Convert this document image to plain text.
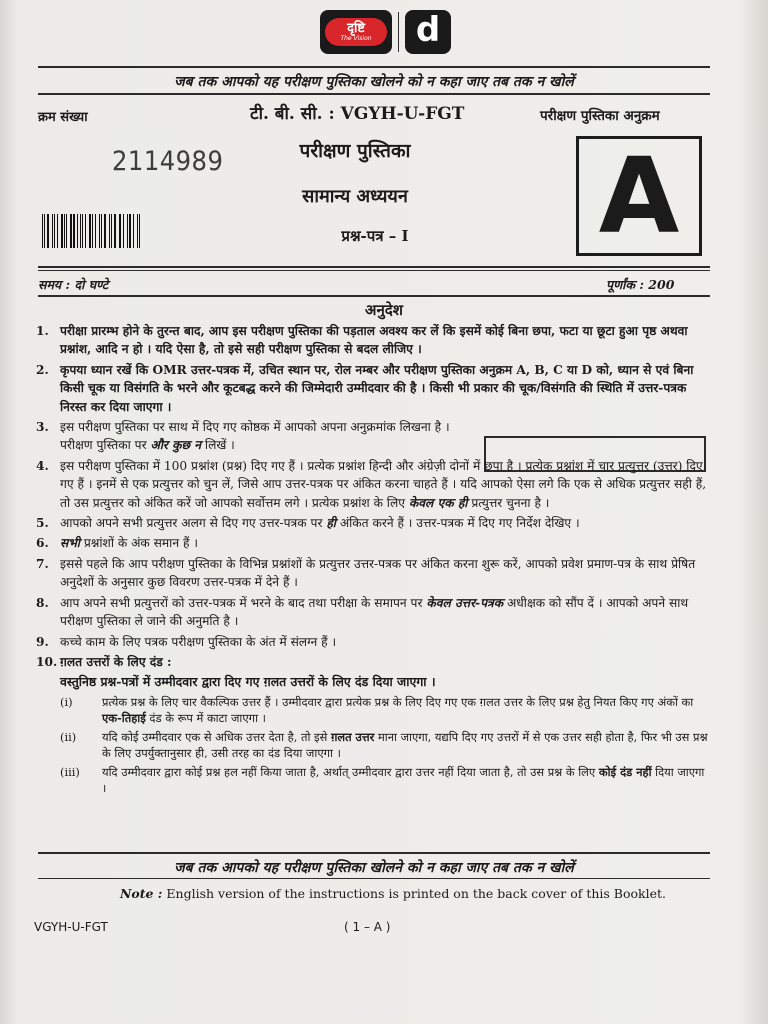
दृष्टि
The Vision d
जब तक आपको यह परीक्षण पुस्तिका खोलने को न कहा जाए तब तक न खोलें
क्रम संख्या	टी. बी. सी. : VGYH-U-FGT	परीक्षण पुस्तिका अनुक्रम
2114989	परीक्षण पुस्तिका
सामान्य अध्ययन
प्रश्न-पत्र – I	A
समय : दो घण्टे	पूर्णांक : 200
अनुदेश
1. परीक्षा प्रारम्भ होने के तुरन्त बाद, आप इस परीक्षण पुस्तिका की पड़ताल अवश्य कर लें कि इसमें कोई बिना छपा, फटा या छूटा हुआ पृष्ठ अथवा प्रश्नांश, आदि न हो । यदि ऐसा है, तो इसे सही परीक्षण पुस्तिका से बदल लीजिए ।
2. कृपया ध्यान रखें कि OMR उत्तर-पत्रक में, उचित स्थान पर, रोल नम्बर और परीक्षण पुस्तिका अनुक्रम A, B, C या D को, ध्यान से एवं बिना किसी चूक या विसंगति के भरने और कूटबद्ध करने की जिम्मेदारी उम्मीदवार की है । किसी भी प्रकार की चूक/विसंगति की स्थिति में उत्तर-पत्रक निरस्त कर दिया जाएगा ।
3. इस परीक्षण पुस्तिका पर साथ में दिए गए कोष्ठक में आपको अपना अनुक्रमांक लिखना है । परीक्षण पुस्तिका पर और कुछ न लिखें ।
4. इस परीक्षण पुस्तिका में 100 प्रश्नांश (प्रश्न) दिए गए हैं । प्रत्येक प्रश्नांश हिन्दी और अंग्रेज़ी दोनों में छपा है । प्रत्येक प्रश्नांश में चार प्रत्युत्तर (उत्तर) दिए गए हैं । इनमें से एक प्रत्युत्तर को चुन लें, जिसे आप उत्तर-पत्रक पर अंकित करना चाहते हैं । यदि आपको ऐसा लगे कि एक से अधिक प्रत्युत्तर सही हैं, तो उस प्रत्युत्तर को अंकित करें जो आपको सर्वोत्तम लगे । प्रत्येक प्रश्नांश के लिए केवल एक ही प्रत्युत्तर चुनना है ।
5. आपको अपने सभी प्रत्युत्तर अलग से दिए गए उत्तर-पत्रक पर ही अंकित करने हैं । उत्तर-पत्रक में दिए गए निर्देश देखिए ।
6. सभी प्रश्नांशों के अंक समान हैं ।
7. इससे पहले कि आप परीक्षण पुस्तिका के विभिन्न प्रश्नांशों के प्रत्युत्तर उत्तर-पत्रक पर अंकित करना शुरू करें, आपको प्रवेश प्रमाण-पत्र के साथ प्रेषित अनुदेशों के अनुसार कुछ विवरण उत्तर-पत्रक में देने हैं ।
8. आप अपने सभी प्रत्युत्तरों को उत्तर-पत्रक में भरने के बाद तथा परीक्षा के समापन पर केवल उत्तर-पत्रक अधीक्षक को सौंप दें । आपको अपने साथ परीक्षण पुस्तिका ले जाने की अनुमति है ।
9. कच्चे काम के लिए पत्रक परीक्षण पुस्तिका के अंत में संलग्न हैं ।
10. ग़लत उत्तरों के लिए दंड :
वस्तुनिष्ठ प्रश्न-पत्रों में उम्मीदवार द्वारा दिए गए ग़लत उत्तरों के लिए दंड दिया जाएगा ।
(i)	प्रत्येक प्रश्न के लिए चार वैकल्पिक उत्तर हैं । उम्मीदवार द्वारा प्रत्येक प्रश्न के लिए दिए गए एक ग़लत उत्तर के लिए प्रश्न हेतु नियत किए गए अंकों का एक-तिहाई दंड के रूप में काटा जाएगा ।
(ii) यदि कोई उम्मीदवार एक से अधिक उत्तर देता है, तो इसे ग़लत उत्तर माना जाएगा, यद्यपि दिए गए उत्तरों में से एक उत्तर सही होता है, फिर भी उस प्रश्न के लिए उपर्युक्तानुसार ही, उसी तरह का दंड दिया जाएगा ।
(iii) यदि उम्मीदवार द्वारा कोई प्रश्न हल नहीं किया जाता है, अर्थात् उम्मीदवार द्वारा उत्तर नहीं दिया जाता है, तो उस प्रश्न के लिए कोई दंड नहीं दिया जाएगा ।
जब तक आपको यह परीक्षण पुस्तिका खोलने को न कहा जाए तब तक न खोलें
Note : English version of the instructions is printed on the back cover of this Booklet.
VGYH-U-FGT	( 1 – A )
